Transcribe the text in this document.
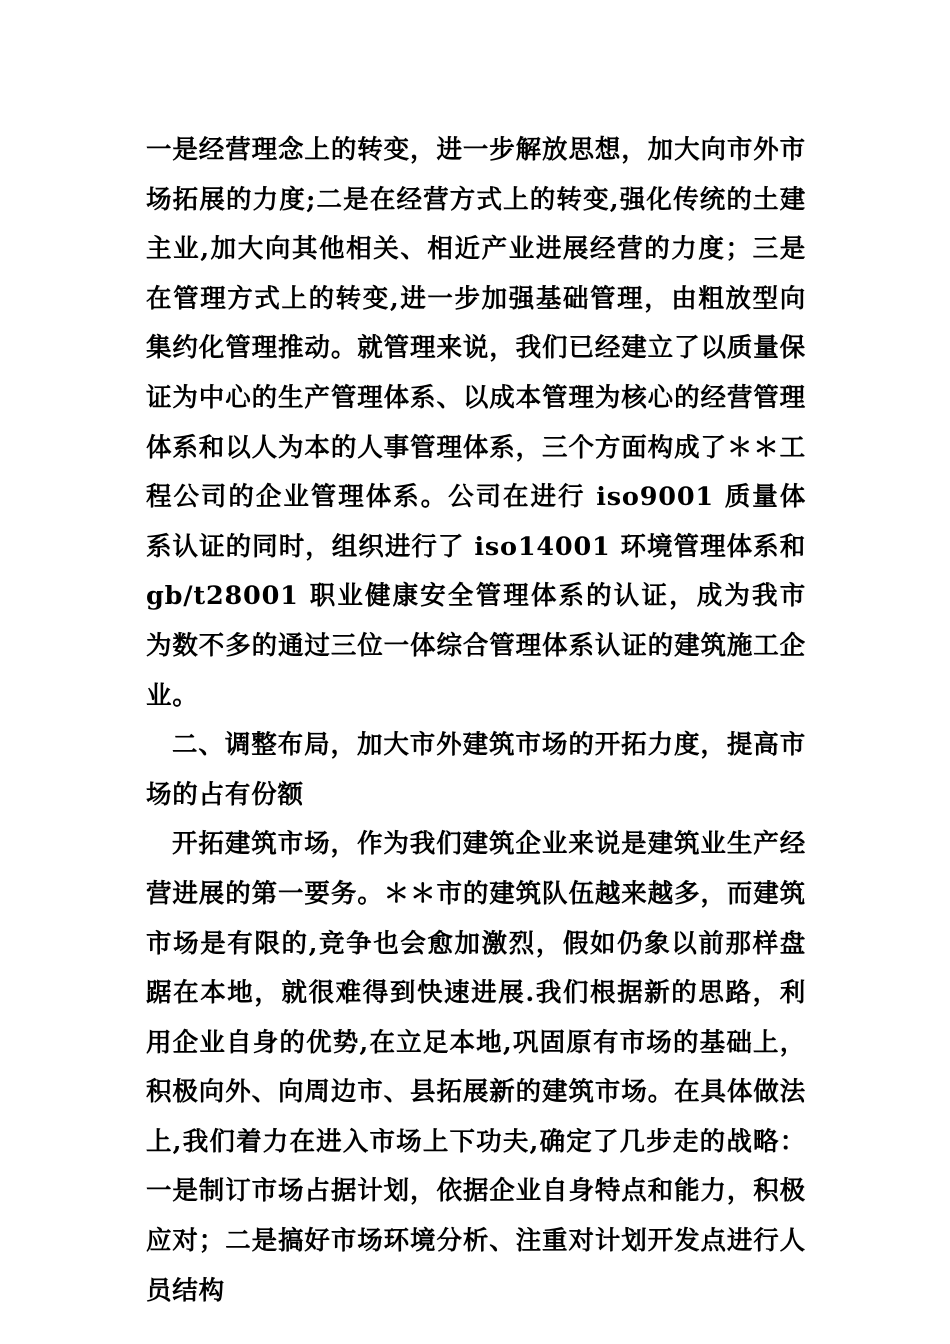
一是经营理念上的转变，进一步解放思想，加大向市外市场拓展的力度;二是在经营方式上的转变,强化传统的土建主业,加大向其他相关、相近产业进展经营的力度；三是在管理方式上的转变,进一步加强基础管理，由粗放型向集约化管理推动。就管理来说，我们已经建立了以质量保证为中心的生产管理体系、以成本管理为核心的经营管理体系和以人为本的人事管理体系，三个方面构成了＊＊工程公司的企业管理体系。公司在进行 iso9001 质量体系认证的同时，组织进行了 iso14001 环境管理体系和 gb/t28001 职业健康安全管理体系的认证，成为我市为数不多的通过三位一体综合管理体系认证的建筑施工企业。

二、调整布局，加大市外建筑市场的开拓力度，提高市场的占有份额

开拓建筑市场，作为我们建筑企业来说是建筑业生产经营进展的第一要务。＊＊市的建筑队伍越来越多，而建筑市场是有限的,竞争也会愈加激烈，假如仍象以前那样盘踞在本地，就很难得到快速进展.我们根据新的思路，利用企业自身的优势,在立足本地,巩固原有市场的基础上，积极向外、向周边市、县拓展新的建筑市场。在具体做法上,我们着力在进入市场上下功夫,确定了几步走的战略：一是制订市场占据计划，依据企业自身特点和能力，积极应对；二是搞好市场环境分析、注重对计划开发点进行人员结构
